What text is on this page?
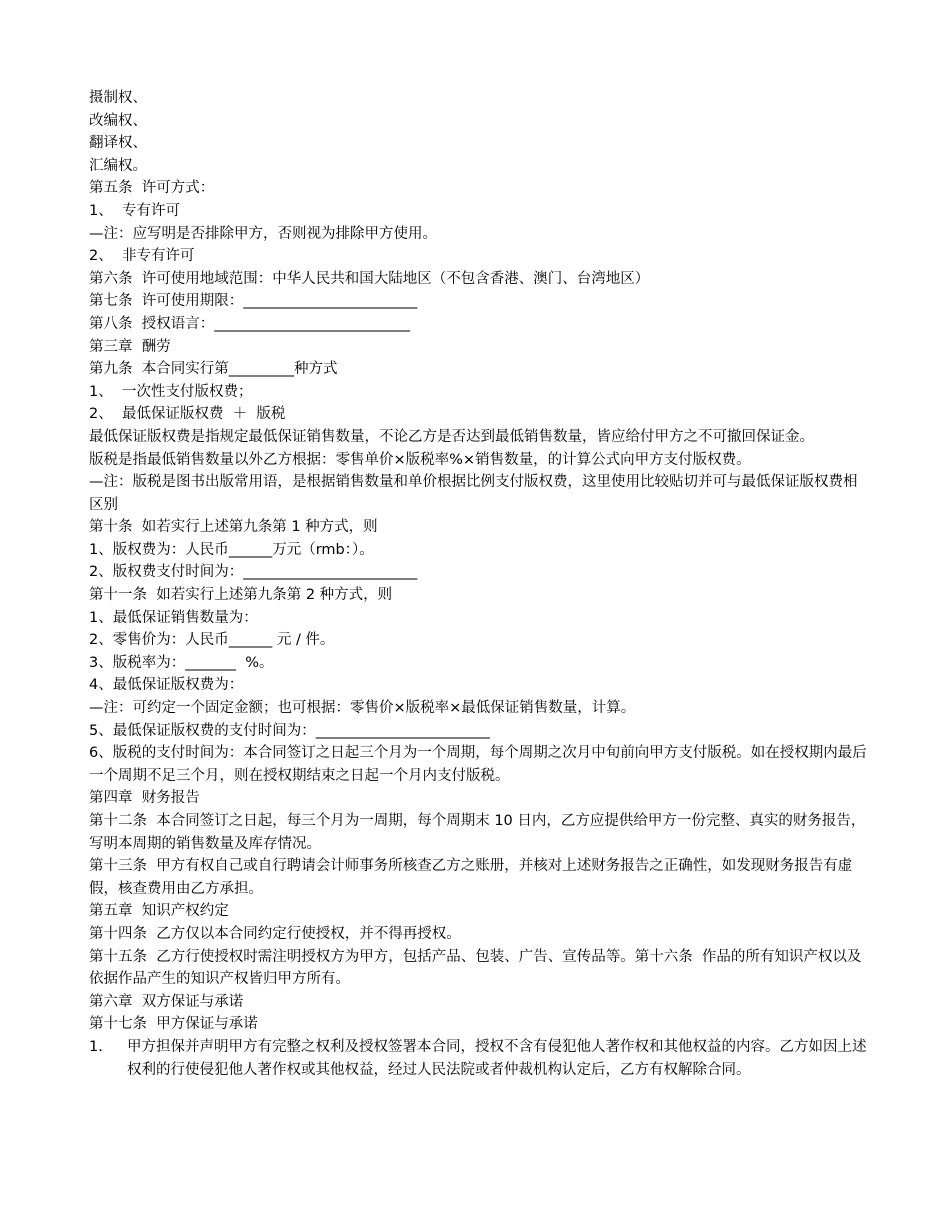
摄制权、

改编权、

翻译权、

汇编权。

第五条  许可方式：

1、  专有许可

—注：应写明是否排除甲方，否则视为排除甲方使用。

2、  非专有许可

第六条  许可使用地域范围：中华人民共和国大陆地区（不包含香港、澳门、台湾地区）

第七条  许可使用期限：________________________

第八条  授权语言：___________________________

第三章  酬劳

第九条  本合同实行第_________种方式

1、  一次性支付版权费；

2、  最低保证版权费  ＋  版税

最低保证版权费是指规定最低保证销售数量，不论乙方是否达到最低销售数量，皆应给付甲方之不可撤回保证金。

版税是指最低销售数量以外乙方根据：零售单价×版税率%×销售数量，的计算公式向甲方支付版权费。

—注：版税是图书出版常用语，是根据销售数量和单价根据比例支付版权费，这里使用比较贴切并可与最低保证版权费相区别

第十条  如若实行上述第九条第 1 种方式，则

1、版权费为：人民币______万元（rmb：）。

2、版权费支付时间为：________________________

第十一条  如若实行上述第九条第 2 种方式，则

1、最低保证销售数量为：

2、零售价为：人民币______ 元 / 件。

3、版税率为：_______  %。

4、最低保证版权费为：

—注：可约定一个固定金额；也可根据：零售价×版税率×最低保证销售数量，计算。

5、最低保证版权费的支付时间为：________________________

6、版税的支付时间为：本合同签订之日起三个月为一个周期，每个周期之次月中旬前向甲方支付版税。如在授权期内最后一个周期不足三个月，则在授权期结束之日起一个月内支付版税。

第四章  财务报告

第十二条  本合同签订之日起，每三个月为一周期，每个周期末 10 日内，乙方应提供给甲方一份完整、真实的财务报告，写明本周期的销售数量及库存情况。

第十三条  甲方有权自己或自行聘请会计师事务所核查乙方之账册，并核对上述财务报告之正确性，如发现财务报告有虚假，核查费用由乙方承担。

第五章  知识产权约定

第十四条  乙方仅以本合同约定行使授权，并不得再授权。

第十五条  乙方行使授权时需注明授权方为甲方，包括产品、包装、广告、宣传品等。第十六条  作品的所有知识产权以及依据作品产生的知识产权皆归甲方所有。

第六章  双方保证与承诺

第十七条  甲方保证与承诺

1． 甲方担保并声明甲方有完整之权利及授权签署本合同，授权不含有侵犯他人著作权和其他权益的内容。乙方如因上述权利的行使侵犯他人著作权或其他权益，经过人民法院或者仲裁机构认定后，乙方有权解除合同。
